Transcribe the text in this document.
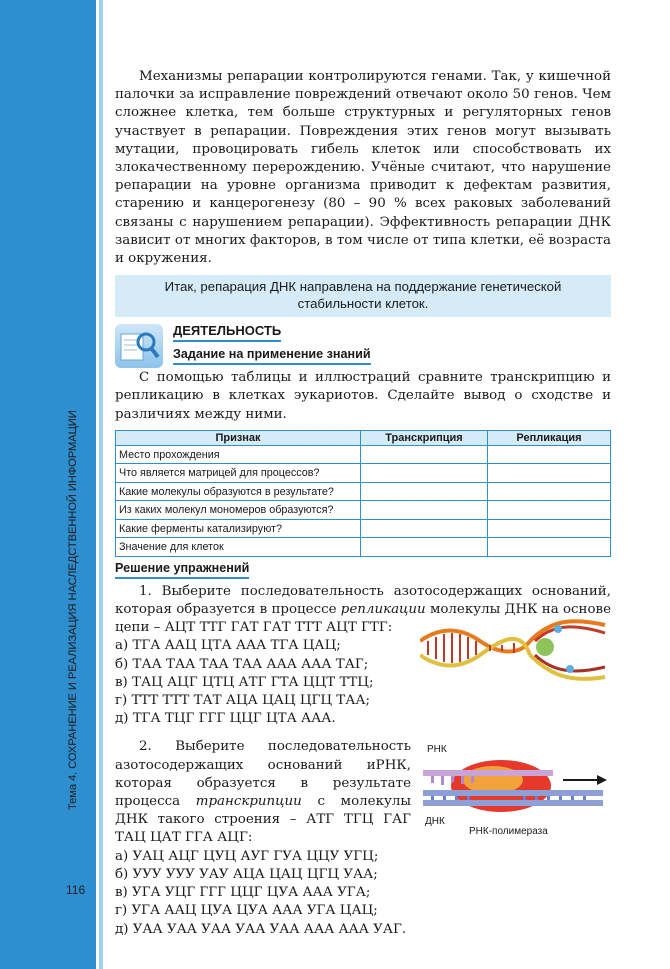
Тема 4. СОХРАНЕНИЕ И РЕАЛИЗАЦИЯ НАСЛЕДСТВЕННОЙ ИНФОРМАЦИИ
116

Механизмы репарации контролируются генами. Так, у кишечной палочки за исправление повреждений отвечают около 50 генов. Чем сложнее клетка, тем больше структурных и регуляторных генов участвует в репарации. Повреждения этих генов могут вызывать мутации, провоцировать гибель клеток или способствовать их злокачественному перерождению. Учёные считают, что нарушение репарации на уровне организма приводит к дефектам развития, старению и канцерогенезу (80 – 90 % всех раковых заболеваний связаны с нарушением репарации). Эффективность репарации ДНК зависит от многих факторов, в том числе от типа клетки, её возраста и окружения.

Итак, репарация ДНК направлена на поддержание генетической стабильности клеток.
ДЕЯТЕЛЬНОСТЬ
Задание на применение знаний

С помощью таблицы и иллюстраций сравните транскрипцию и репликацию в клетках эукариотов. Сделайте вывод о сходстве и различиях между ними.

Признак	Транскрипция	Репликация
Место прохождения		
Что является матрицей для процессов?		
Какие молекулы образуются в результате?		
Из каких молекул мономеров образуются?		
Какие ферменты катализируют?		
Значение для клеток		
Решение упражнений

1. Выберите последовательность азотосодержащих оснований, которая образуется в процессе репликации молекулы ДНК на основе цепи – АЦТ ТТГ ГАТ ГАТ ТТТ АЦТ ГТГ:

а) ТГА ААЦ ЦТА ААА ТГА ЦАЦ;
б) ТАА ТАА ТАА ТАА ААА ААА ТАГ;
в) ТАЦ АЦГ ЦТЦ АТГ ГТА ЦЦТ ТТЦ;
г) ТТТ ТТТ ТАТ АЦА ЦАЦ ЦГЦ ТАА;
д) ТГА ТЦГ ГГГ ЦЦГ ЦТА ААА.

2. Выберите последовательность азотосодержащих оснований иРНК, которая образуется в результате процесса транскрипции с молекулы ДНК такого строения – АТГ ТГЦ ГАГ ТАЦ ЦАТ ГГА АЦГ:

а) УАЦ АЦГ ЦУЦ АУГ ГУА ЦЦУ УГЦ;
б) УУУ УУУ УАУ АЦА ЦАЦ ЦГЦ УАА;
в) УГА УЦГ ГГГ ЦЦГ ЦУА ААА УГА;
г) УГА ААЦ ЦУА ЦУА ААА УГА ЦАЦ;
д) УАА УАА УАА УАА УАА ААА ААА УАГ.
РНК
ДНК
РНК-полимераза
